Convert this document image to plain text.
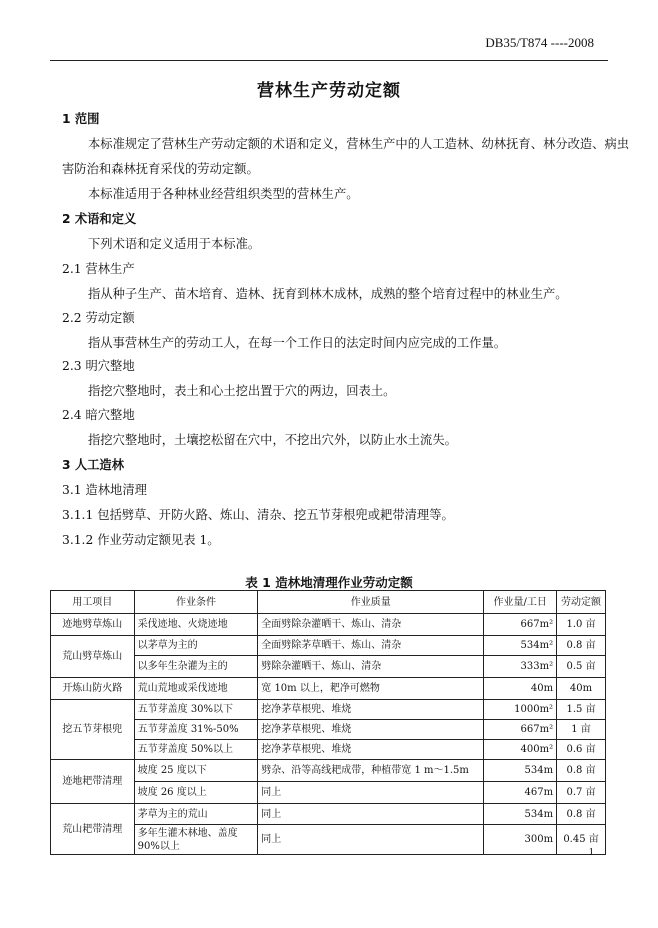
DB35/T874 ----2008
营林生产劳动定额
1 范围
本标准规定了营林生产劳动定额的术语和定义，营林生产中的人工造林、幼林抚育、林分改造、病虫
害防治和森林抚育采伐的劳动定额。
本标准适用于各种林业经营组织类型的营林生产。
2 术语和定义
下列术语和定义适用于本标准。
2.1 营林生产
指从种子生产、苗木培育、造林、抚育到林木成林，成熟的整个培育过程中的林业生产。
2.2 劳动定额
指从事营林生产的劳动工人，在每一个工作日的法定时间内应完成的工作量。
2.3 明穴整地
指挖穴整地时，表土和心土挖出置于穴的两边，回表土。
2.4 暗穴整地
指挖穴整地时，土壤挖松留在穴中，不挖出穴外，以防止水土流失。
3 人工造林
3.1 造林地清理
3.1.1 包括劈草、开防火路、炼山、清杂、挖五节芽根兜或耙带清理等。
3.1.2 作业劳动定额见表 1。
表 1 造林地清理作业劳动定额
用工项目	作业条件	作业质量	作业量/工日	劳动定额
迹地劈草炼山	采伐迹地、火烧迹地	全面劈除杂灌晒干、炼山、清杂	667m²	1.0 亩
荒山劈草炼山	以茅草为主的	全面劈除茅草晒干、炼山、清杂	534m²	0.8 亩
	以多年生杂灌为主的	劈除杂灌晒干、炼山、清杂	333m²	0.5 亩
开炼山防火路	荒山荒地或采伐迹地	宽 10m 以上，耙净可燃物	40m	40m
挖五节芽根兜	五节芽盖度 30%以下	挖净茅草根兜、堆烧	1000m²	1.5 亩
	五节芽盖度 31%-50%	挖净茅草根兜、堆烧	667m²	1 亩
	五节芽盖度 50%以上	挖净茅草根兜、堆烧	400m²	0.6 亩
迹地耙带清理	坡度 25 度以下	劈杂、沿等高线耙成带，种植带宽 1 m～1.5m	534m	0.8 亩
	坡度 26 度以上	同上	467m	0.7 亩
荒山耙带清理	茅草为主的荒山	同上	534m	0.8 亩
	多年生灌木林地、盖度 90%以上	同上	300m	0.45 亩
1
